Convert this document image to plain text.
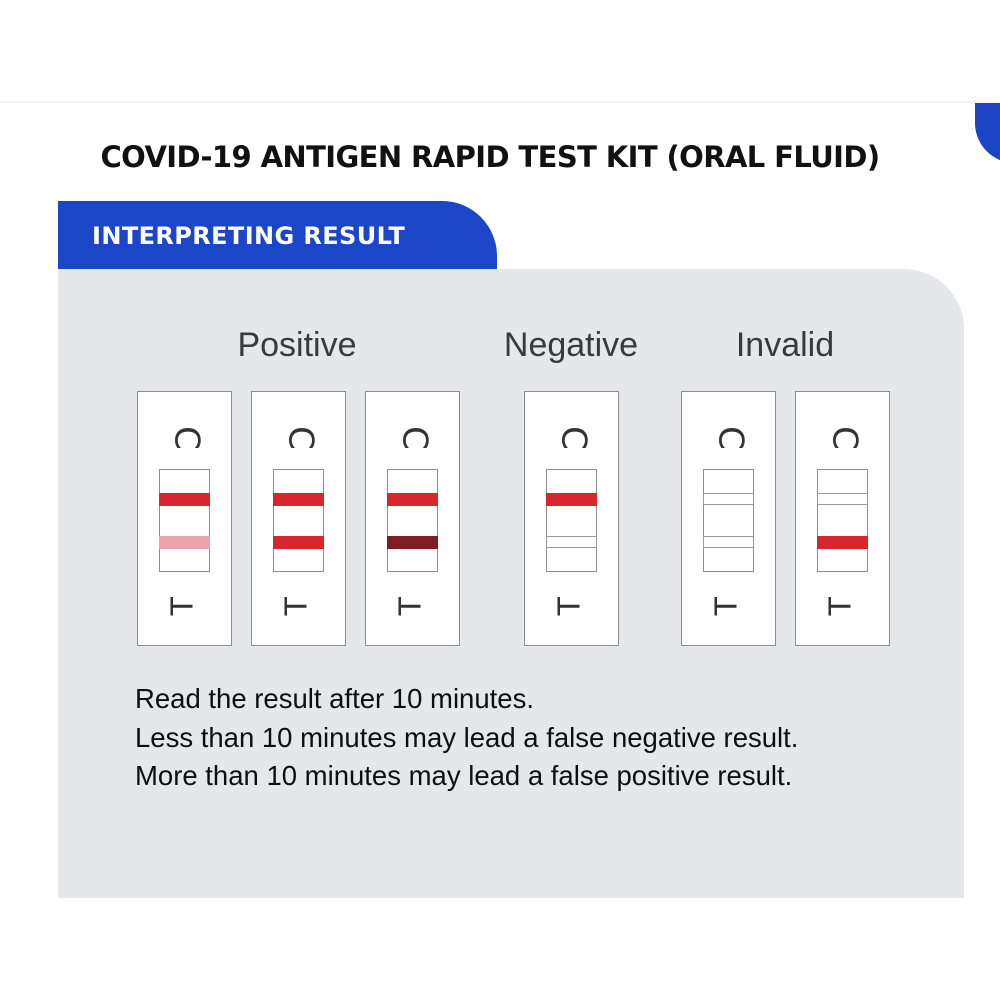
COVID-19 ANTIGEN RAPID TEST KIT (ORAL FLUID)
INTERPRETING RESULT
Positive	Negative	Invalid
C
T
C
T
C
T
C
T
C
T
C
T
Read the result after 10 minutes.
Less than 10 minutes may lead a false negative result.
More than 10 minutes may lead a false positive result.
